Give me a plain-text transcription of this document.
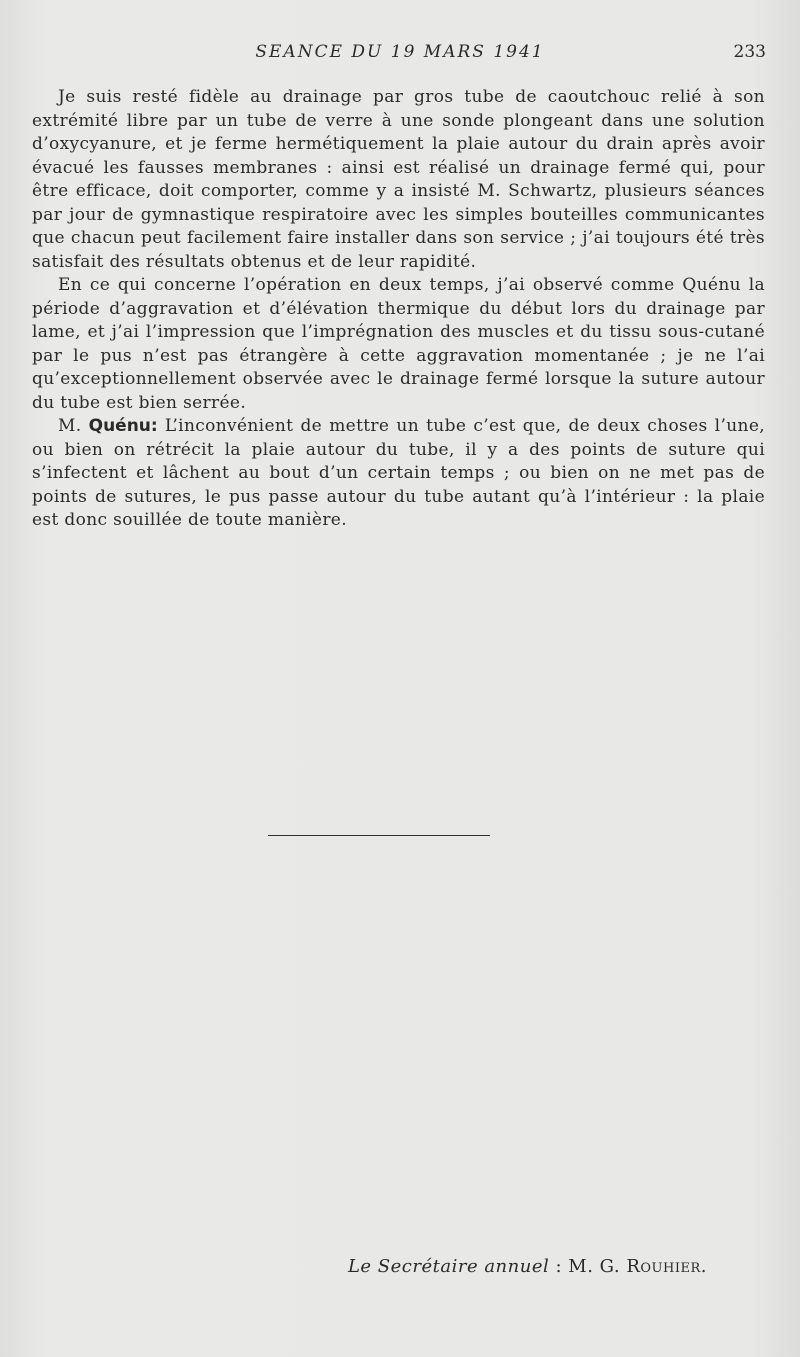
SEANCE DU 19 MARS 1941	233

Je suis resté fidèle au drainage par gros tube de caoutchouc relié à son extrémité libre par un tube de verre à une sonde plongeant dans une solution d’oxycyanure, et je ferme hermétiquement la plaie autour du drain après avoir évacué les fausses membranes : ainsi est réalisé un drainage fermé qui, pour être efficace, doit comporter, comme y a insisté M. Schwartz, plusieurs séances par jour de gymnastique respiratoire avec les simples bouteilles communicantes que chacun peut facilement faire installer dans son service ; j’ai toujours été très satisfait des résultats obtenus et de leur rapidité.

En ce qui concerne l’opération en deux temps, j’ai observé comme Quénu la période d’aggravation et d’élévation thermique du début lors du drainage par lame, et j’ai l’impression que l’imprégnation des muscles et du tissu sous-cutané par le pus n’est pas étrangère à cette aggravation momentanée ; je ne l’ai qu’exceptionnellement observée avec le drainage fermé lorsque la suture autour du tube est bien serrée.

M. Quénu: L’inconvénient de mettre un tube c’est que, de deux choses l’une, ou bien on rétrécit la plaie autour du tube, il y a des points de suture qui s’infectent et lâchent au bout d’un certain temps ; ou bien on ne met pas de points de sutures, le pus passe autour du tube autant qu’à l’intérieur : la plaie est donc souillée de toute manière.

Le Secrétaire annuel : M. G. Rouhier.
